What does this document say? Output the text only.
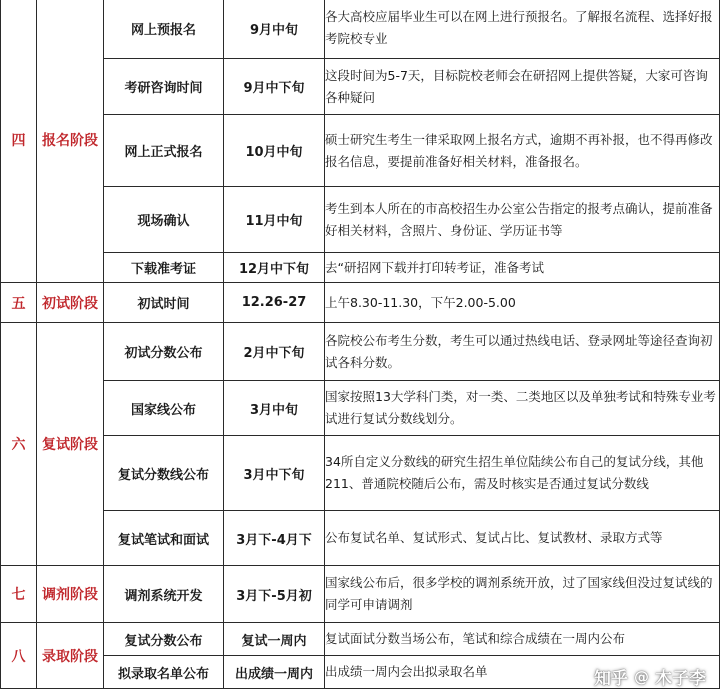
四	报名阶段	网上预报名	9月中旬	各大高校应届毕业生可以在网上进行预报名。了解报名流程、选择好报考院校专业
		考研咨询时间	9月中下旬	这段时间为5-7天，目标院校老师会在研招网上提供答疑，大家可咨询各种疑问
		网上正式报名	10月中旬	硕士研究生考生一律采取网上报名方式，逾期不再补报，也不得再修改报名信息，要提前准备好相关材料，准备报名。
		现场确认	11月中旬	考生到本人所在的市高校招生办公室公告指定的报考点确认，提前准备好相关材料，含照片、身份证、学历证书等
		下载准考证	12月中下旬	去“研招网下载并打印转考证，准备考试
五	初试阶段	初试时间	12.26-27	上午8.30-11.30，下午2.00-5.00
六	复试阶段	初试分数公布	2月中下旬	各院校公布考生分数，考生可以通过热线电话、登录网址等途径查询初试各科分数。
		国家线公布	3月中旬	国家按照13大学科门类，对一类、二类地区以及单独考试和特殊专业考试进行复试分数线划分。
		复试分数线公布	3月中下旬	34所自定义分数线的研究生招生单位陆续公布自己的复试分线，其他211、普通院校随后公布，需及时核实是否通过复试分数线
		复试笔试和面试	3月下-4月下	公布复试名单、复试形式、复试占比、复试教材、录取方式等
七	调剂阶段	调剂系统开发	3月下-5月初	国家线公布后，很多学校的调剂系统开放，过了国家线但没过复试线的同学可申请调剂
八	录取阶段	复试分数公布	复试一周内	复试面试分数当场公布，笔试和综合成绩在一周内公布
		拟录取名单公布	出成绩一周内	出成绩一周内会出拟录取名单	知乎 @ 木子李
